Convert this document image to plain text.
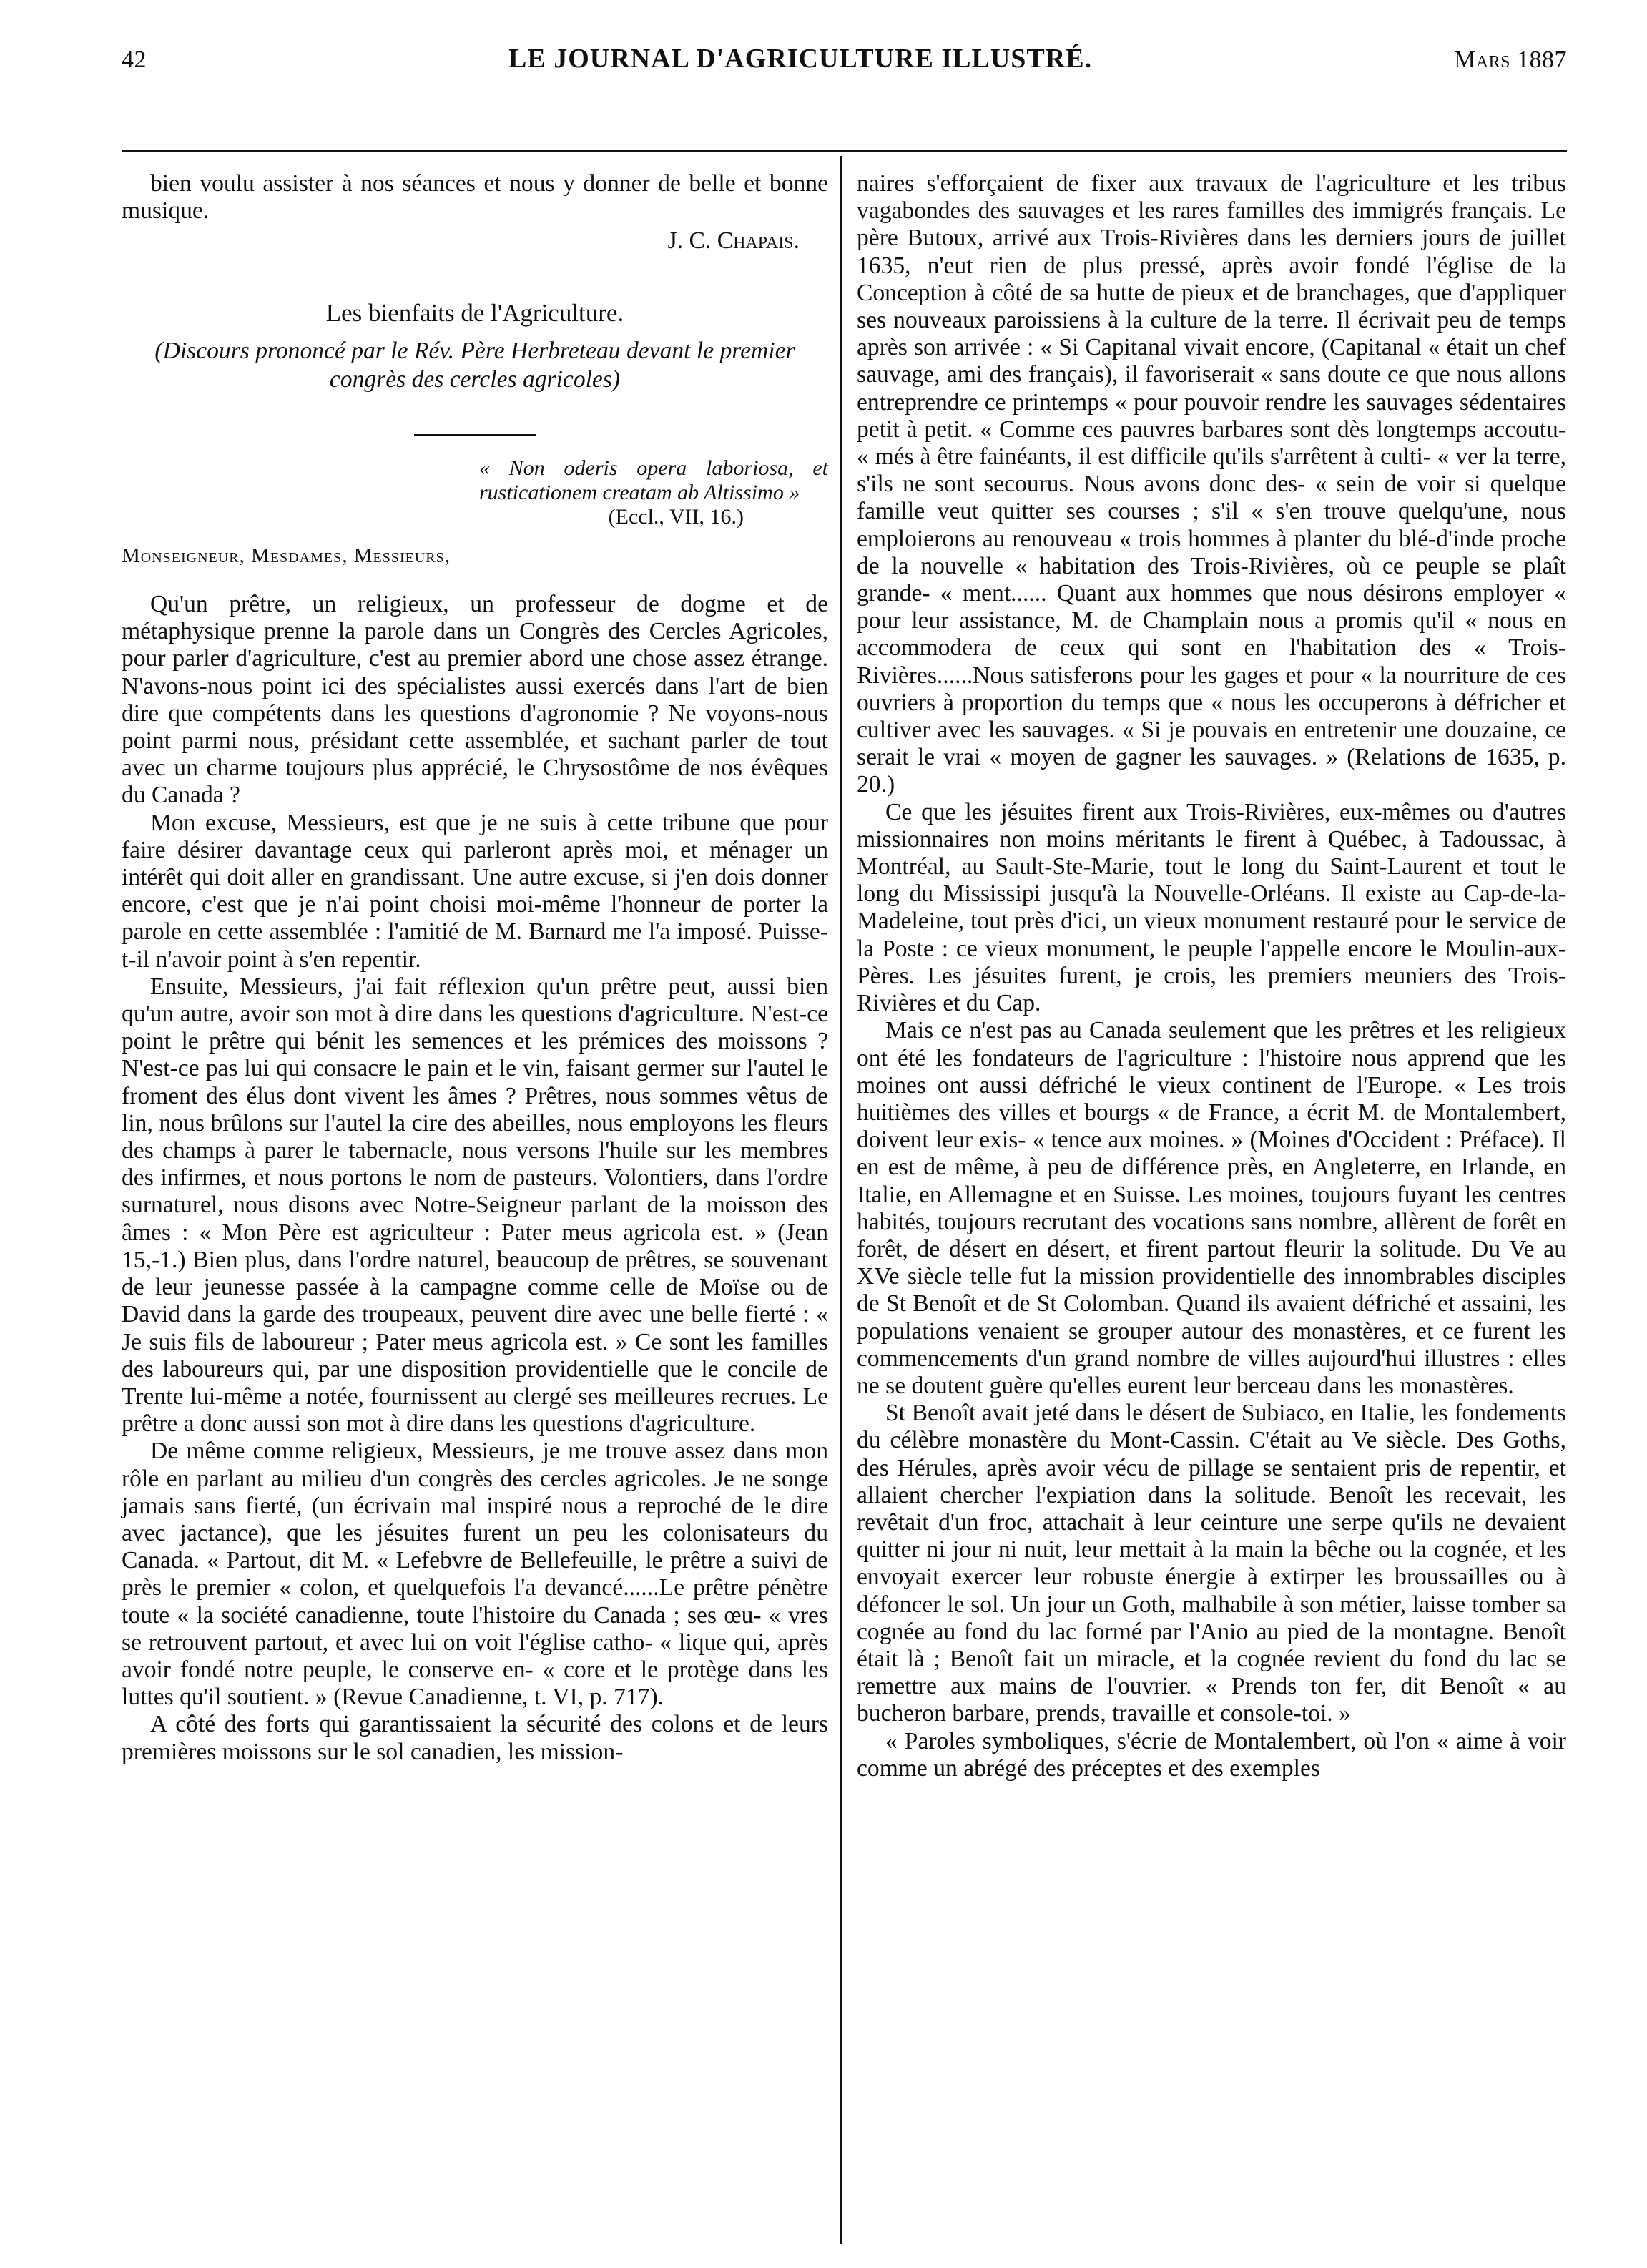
42	LE JOURNAL D'AGRICULTURE ILLUSTRÉ.	Mars 1887

bien voulu assister à nos séances et nous y donner de belle et bonne musique.

J. C. Chapais.

Les bienfaits de l'Agriculture.

(Discours prononcé par le Rév. Père Herbreteau devant le premier congrès des cercles agricoles)

« Non oderis opera laboriosa, et rusticationem creatam ab Altissimo »

(Eccl., VII, 16.)

Monseigneur, Mesdames, Messieurs,

Qu'un prêtre, un religieux, un professeur de dogme et de métaphysique prenne la parole dans un Congrès des Cercles Agricoles, pour parler d'agriculture, c'est au premier abord une chose assez étrange. N'avons-nous point ici des spécialistes aussi exercés dans l'art de bien dire que compétents dans les questions d'agronomie ? Ne voyons-nous point parmi nous, présidant cette assemblée, et sachant parler de tout avec un charme toujours plus apprécié, le Chrysostôme de nos évêques du Canada ?

Mon excuse, Messieurs, est que je ne suis à cette tribune que pour faire désirer davantage ceux qui parleront après moi, et ménager un intérêt qui doit aller en grandissant. Une autre excuse, si j'en dois donner encore, c'est que je n'ai point choisi moi-même l'honneur de porter la parole en cette assemblée : l'amitié de M. Barnard me l'a imposé. Puisse-t-il n'avoir point à s'en repentir.

Ensuite, Messieurs, j'ai fait réflexion qu'un prêtre peut, aussi bien qu'un autre, avoir son mot à dire dans les questions d'agriculture. N'est-ce point le prêtre qui bénit les semences et les prémices des moissons ? N'est-ce pas lui qui consacre le pain et le vin, faisant germer sur l'autel le froment des élus dont vivent les âmes ? Prêtres, nous sommes vêtus de lin, nous brûlons sur l'autel la cire des abeilles, nous employons les fleurs des champs à parer le tabernacle, nous versons l'huile sur les membres des infirmes, et nous portons le nom de pasteurs. Volontiers, dans l'ordre surnaturel, nous disons avec Notre-Seigneur parlant de la moisson des âmes : « Mon Père est agriculteur : Pater meus agricola est. » (Jean 15,-1.) Bien plus, dans l'ordre naturel, beaucoup de prêtres, se souvenant de leur jeunesse passée à la campagne comme celle de Moïse ou de David dans la garde des troupeaux, peuvent dire avec une belle fierté : « Je suis fils de laboureur ; Pater meus agricola est. » Ce sont les familles des laboureurs qui, par une disposition providentielle que le concile de Trente lui-même a notée, fournissent au clergé ses meilleures recrues. Le prêtre a donc aussi son mot à dire dans les questions d'agriculture.

De même comme religieux, Messieurs, je me trouve assez dans mon rôle en parlant au milieu d'un congrès des cercles agricoles. Je ne songe jamais sans fierté, (un écrivain mal inspiré nous a reproché de le dire avec jactance), que les jésuites furent un peu les colonisateurs du Canada. « Partout, dit M. « Lefebvre de Bellefeuille, le prêtre a suivi de près le premier « colon, et quelquefois l'a devancé......Le prêtre pénètre toute « la société canadienne, toute l'histoire du Canada ; ses œu- « vres se retrouvent partout, et avec lui on voit l'église catho- « lique qui, après avoir fondé notre peuple, le conserve en- « core et le protège dans les luttes qu'il soutient. » (Revue Canadienne, t. VI, p. 717).

A côté des forts qui garantissaient la sécurité des colons et de leurs premières moissons sur le sol canadien, les mission-

naires s'efforçaient de fixer aux travaux de l'agriculture et les tribus vagabondes des sauvages et les rares familles des immigrés français. Le père Butoux, arrivé aux Trois-Rivières dans les derniers jours de juillet 1635, n'eut rien de plus pressé, après avoir fondé l'église de la Conception à côté de sa hutte de pieux et de branchages, que d'appliquer ses nouveaux paroissiens à la culture de la terre. Il écrivait peu de temps après son arrivée : « Si Capitanal vivait encore, (Capitanal « était un chef sauvage, ami des français), il favoriserait « sans doute ce que nous allons entreprendre ce printemps « pour pouvoir rendre les sauvages sédentaires petit à petit. « Comme ces pauvres barbares sont dès longtemps accoutu- « més à être fainéants, il est difficile qu'ils s'arrêtent à culti- « ver la terre, s'ils ne sont secourus. Nous avons donc des- « sein de voir si quelque famille veut quitter ses courses ; s'il « s'en trouve quelqu'une, nous emploierons au renouveau « trois hommes à planter du blé-d'inde proche de la nouvelle « habitation des Trois-Rivières, où ce peuple se plaît grande- « ment...... Quant aux hommes que nous désirons employer « pour leur assistance, M. de Champlain nous a promis qu'il « nous en accommodera de ceux qui sont en l'habitation des « Trois-Rivières......Nous satisferons pour les gages et pour « la nourriture de ces ouvriers à proportion du temps que « nous les occuperons à défricher et cultiver avec les sauvages. « Si je pouvais en entretenir une douzaine, ce serait le vrai « moyen de gagner les sauvages. » (Relations de 1635, p. 20.)

Ce que les jésuites firent aux Trois-Rivières, eux-mêmes ou d'autres missionnaires non moins méritants le firent à Québec, à Tadoussac, à Montréal, au Sault-Ste-Marie, tout le long du Saint-Laurent et tout le long du Mississipi jusqu'à la Nouvelle-Orléans. Il existe au Cap-de-la-Madeleine, tout près d'ici, un vieux monument restauré pour le service de la Poste : ce vieux monument, le peuple l'appelle encore le Moulin-aux-Pères. Les jésuites furent, je crois, les premiers meuniers des Trois-Rivières et du Cap.

Mais ce n'est pas au Canada seulement que les prêtres et les religieux ont été les fondateurs de l'agriculture : l'histoire nous apprend que les moines ont aussi défriché le vieux continent de l'Europe. « Les trois huitièmes des villes et bourgs « de France, a écrit M. de Montalembert, doivent leur exis- « tence aux moines. » (Moines d'Occident : Préface). Il en est de même, à peu de différence près, en Angleterre, en Irlande, en Italie, en Allemagne et en Suisse. Les moines, toujours fuyant les centres habités, toujours recrutant des vocations sans nombre, allèrent de forêt en forêt, de désert en désert, et firent partout fleurir la solitude. Du Ve au XVe siècle telle fut la mission providentielle des innombrables disciples de St Benoît et de St Colomban. Quand ils avaient défriché et assaini, les populations venaient se grouper autour des monastères, et ce furent les commencements d'un grand nombre de villes aujourd'hui illustres : elles ne se doutent guère qu'elles eurent leur berceau dans les monastères.

St Benoît avait jeté dans le désert de Subiaco, en Italie, les fondements du célèbre monastère du Mont-Cassin. C'était au Ve siècle. Des Goths, des Hérules, après avoir vécu de pillage se sentaient pris de repentir, et allaient chercher l'expiation dans la solitude. Benoît les recevait, les revêtait d'un froc, attachait à leur ceinture une serpe qu'ils ne devaient quitter ni jour ni nuit, leur mettait à la main la bêche ou la cognée, et les envoyait exercer leur robuste énergie à extirper les broussailles ou à défoncer le sol. Un jour un Goth, malhabile à son métier, laisse tomber sa cognée au fond du lac formé par l'Anio au pied de la montagne. Benoît était là ; Benoît fait un miracle, et la cognée revient du fond du lac se remettre aux mains de l'ouvrier. « Prends ton fer, dit Benoît « au bucheron barbare, prends, travaille et console-toi. »

« Paroles symboliques, s'écrie de Montalembert, où l'on « aime à voir comme un abrégé des préceptes et des exemples
